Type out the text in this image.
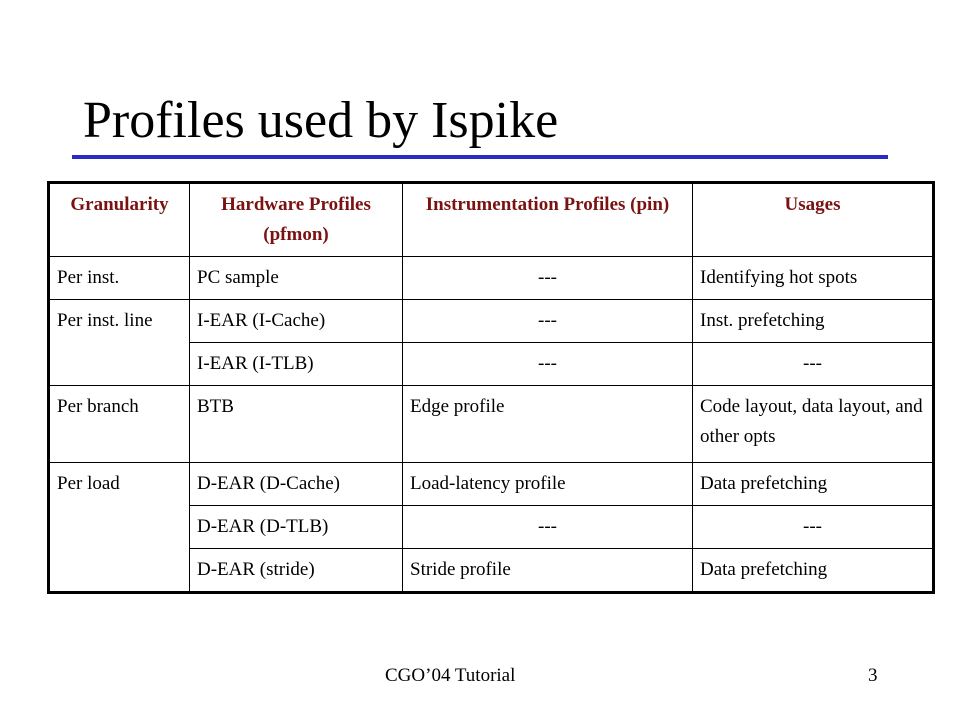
Profiles used by Ispike
Granularity	Hardware Profiles (pfmon)	Instrumentation Profiles (pin)	Usages
Per inst.	PC sample	---	Identifying hot spots
Per inst. line	I-EAR (I-Cache)	---	Inst. prefetching
	I-EAR (I-TLB)	---	---
Per branch	BTB	Edge profile	Code layout, data layout, and other opts
Per load	D-EAR (D-Cache)	Load-latency profile	Data prefetching
	D-EAR (D-TLB)	---	---
	D-EAR (stride)	Stride profile	Data prefetching
CGO’04 Tutorial	3
